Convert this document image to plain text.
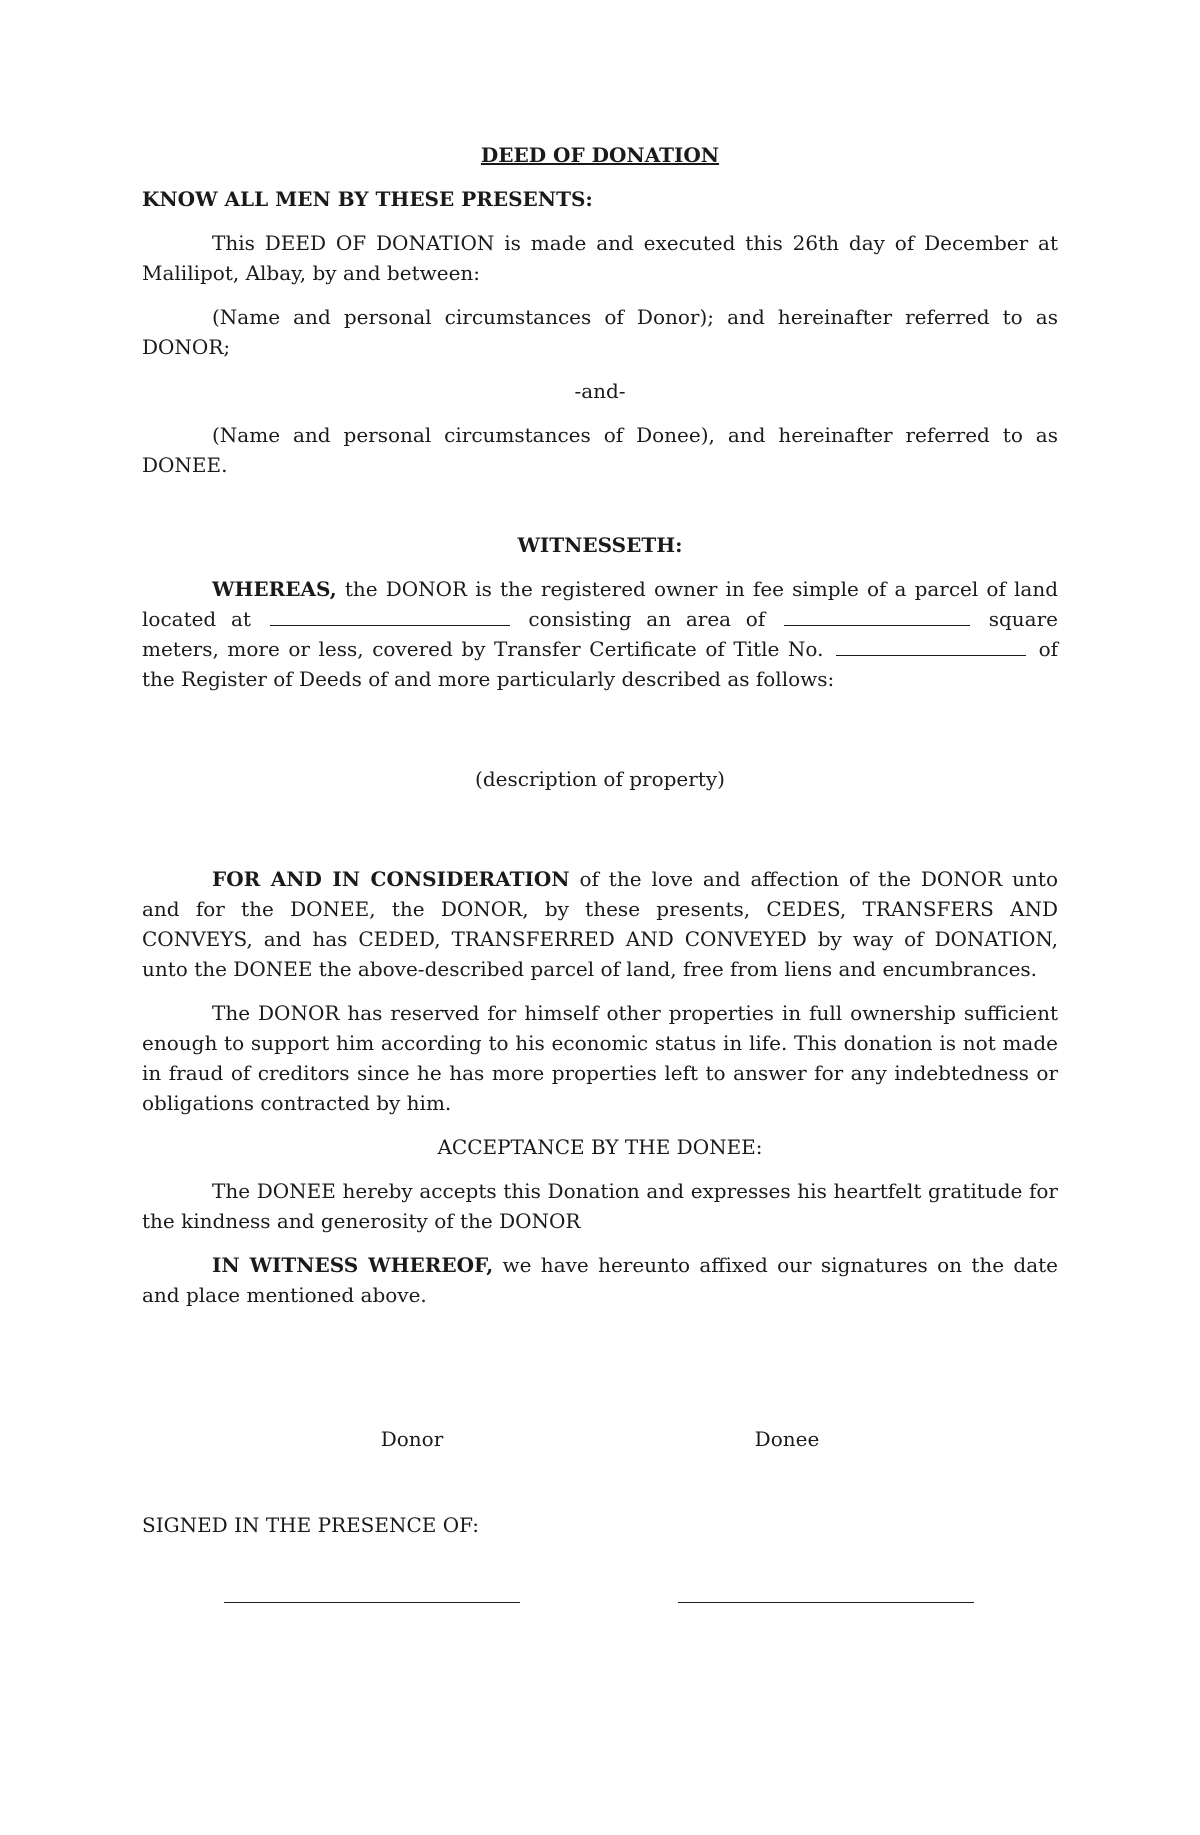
DEED OF DONATION
KNOW ALL MEN BY THESE PRESENTS:

This DEED OF DONATION is made and executed this 26th day of December at Malilipot, Albay, by and between:

(Name and personal circumstances of Donor); and hereinafter referred to as DONOR;

-and-

(Name and personal circumstances of Donee), and hereinafter referred to as DONEE.

WITNESSETH:

WHEREAS, the DONOR is the registered owner in fee simple of a parcel of land located at	consisting an area of	square meters, more or less, covered by Transfer Certificate of Title No.	of the Register of Deeds of and more particularly described as follows:

(description of property)

FOR AND IN CONSIDERATION of the love and affection of the DONOR unto and for the DONEE, the DONOR, by these presents, CEDES, TRANSFERS AND CONVEYS, and has CEDED, TRANSFERRED AND CONVEYED by way of DONATION, unto the DONEE the above-described parcel of land, free from liens and encumbrances.

The DONOR has reserved for himself other properties in full ownership sufficient enough to support him according to his economic status in life. This donation is not made in fraud of creditors since he has more properties left to answer for any indebtedness or obligations contracted by him.

ACCEPTANCE BY THE DONEE:

The DONEE hereby accepts this Donation and expresses his heartfelt gratitude for the kindness and generosity of the DONOR

IN WITNESS WHEREOF, we have hereunto affixed our signatures on the date and place mentioned above.

Donor	Donee
SIGNED IN THE PRESENCE OF:
